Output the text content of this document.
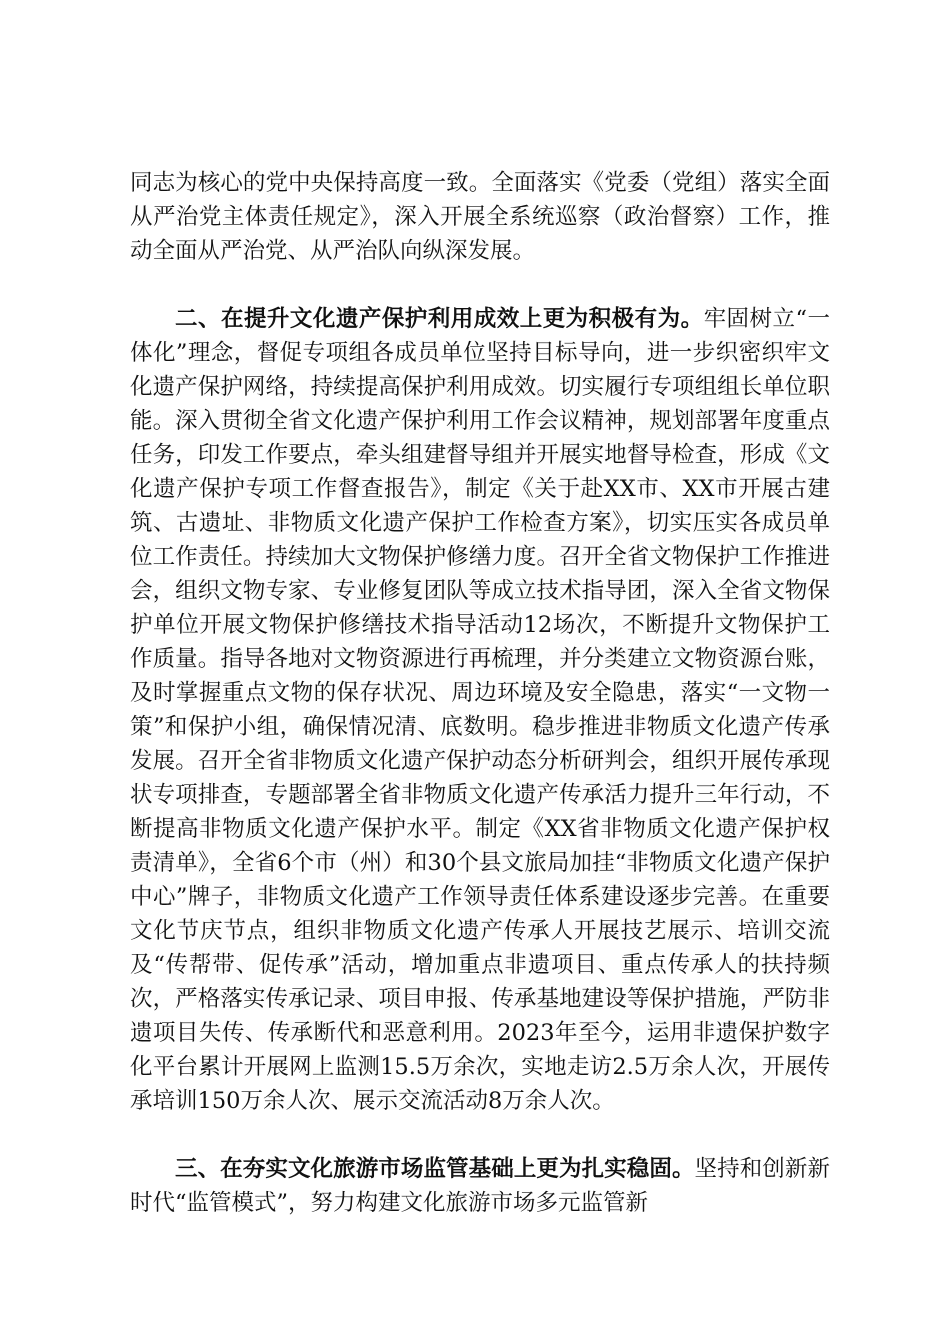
同志为核心的党中央保持高度一致。全面落实《党委（党组）落实全面从严治党主体责任规定》，深入开展全系统巡察（政治督察）工作，推动全面从严治党、从严治队向纵深发展。

二、在提升文化遗产保护利用成效上更为积极有为。牢固树立“一体化”理念，督促专项组各成员单位坚持目标导向，进一步织密织牢文化遗产保护网络，持续提高保护利用成效。切实履行专项组组长单位职能。深入贯彻全省文化遗产保护利用工作会议精神，规划部署年度重点任务，印发工作要点，牵头组建督导组并开展实地督导检查，形成《文化遗产保护专项工作督查报告》，制定《关于赴XX市、XX市开展古建筑、古遗址、非物质文化遗产保护工作检查方案》，切实压实各成员单位工作责任。持续加大文物保护修缮力度。召开全省文物保护工作推进会，组织文物专家、专业修复团队等成立技术指导团，深入全省文物保护单位开展文物保护修缮技术指导活动12场次，不断提升文物保护工作质量。指导各地对文物资源进行再梳理，并分类建立文物资源台账，及时掌握重点文物的保存状况、周边环境及安全隐患，落实“一文物一策”和保护小组，确保情况清、底数明。稳步推进非物质文化遗产传承发展。召开全省非物质文化遗产保护动态分析研判会，组织开展传承现状专项排查，专题部署全省非物质文化遗产传承活力提升三年行动，不断提高非物质文化遗产保护水平。制定《XX省非物质文化遗产保护权责清单》，全省6个市（州）和30个县文旅局加挂“非物质文化遗产保护中心”牌子，非物质文化遗产工作领导责任体系建设逐步完善。在重要文化节庆节点，组织非物质文化遗产传承人开展技艺展示、培训交流及“传帮带、促传承”活动，增加重点非遗项目、重点传承人的扶持频次，严格落实传承记录、项目申报、传承基地建设等保护措施，严防非遗项目失传、传承断代和恶意利用。2023年至今，运用非遗保护数字化平台累计开展网上监测15.5万余次，实地走访2.5万余人次，开展传承培训150万余人次、展示交流活动8万余人次。

三、在夯实文化旅游市场监管基础上更为扎实稳固。坚持和创新新时代“监管模式”，努力构建文化旅游市场多元监管新
